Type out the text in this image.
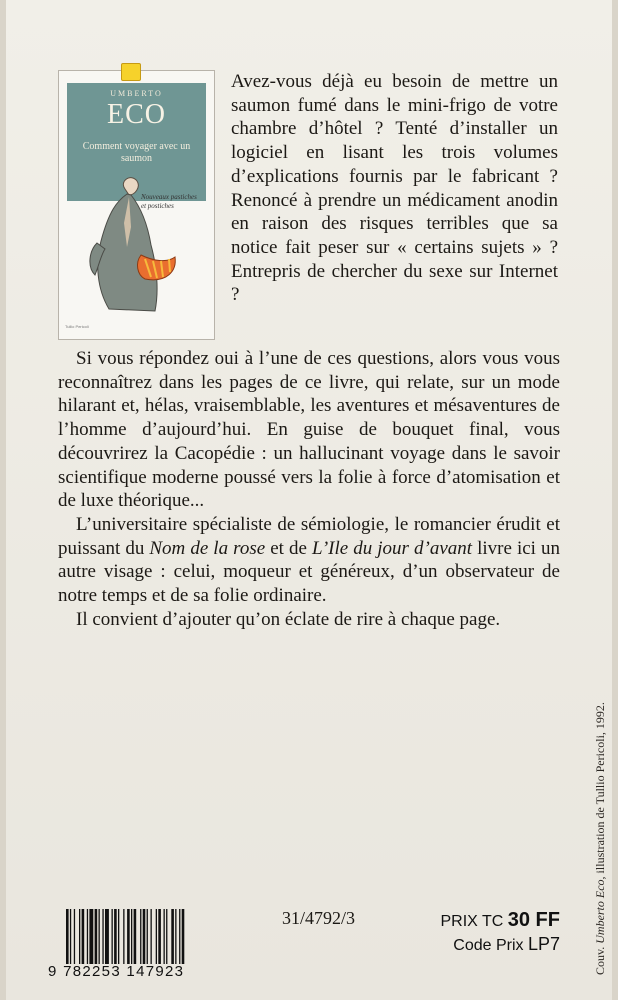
UMBERTO
ECO
Comment voyager avec un saumon
Nouveaux pastiches et postiches
Tullio Pericoli

Avez-vous déjà eu besoin de mettre un saumon fumé dans le mini-frigo de votre chambre d’hôtel ? Tenté d’installer un logiciel en lisant les trois volumes d’explications fournis par le fabricant ? Renoncé à prendre un médicament anodin en raison des risques terribles que sa notice fait peser sur « certains sujets » ? Entrepris de chercher du sexe sur Internet ?

Si vous répondez oui à l’une de ces questions, alors vous vous reconnaîtrez dans les pages de ce livre, qui relate, sur un mode hilarant et, hélas, vraisemblable, les aventures et mésaventures de l’homme d’aujourd’hui. En guise de bouquet final, vous découvrirez la Cacopédie : un hallucinant voyage dans le savoir scientifique moderne poussé vers la folie à force d’atomisation et de luxe théorique...

L’universitaire spécialiste de sémiologie, le romancier érudit et puissant du Nom de la rose et de L’Ile du jour d’avant livre ici un autre visage : celui, moqueur et généreux, d’un observateur de notre temps et de sa folie ordinaire.

Il convient d’ajouter qu’on éclate de rire à chaque page.

Couv. Umberto Eco, illustration de Tullio Pericoli, 1992.
9 782253 147923
31/4792/3	PRIX TC 30 FF
Code Prix LP7
